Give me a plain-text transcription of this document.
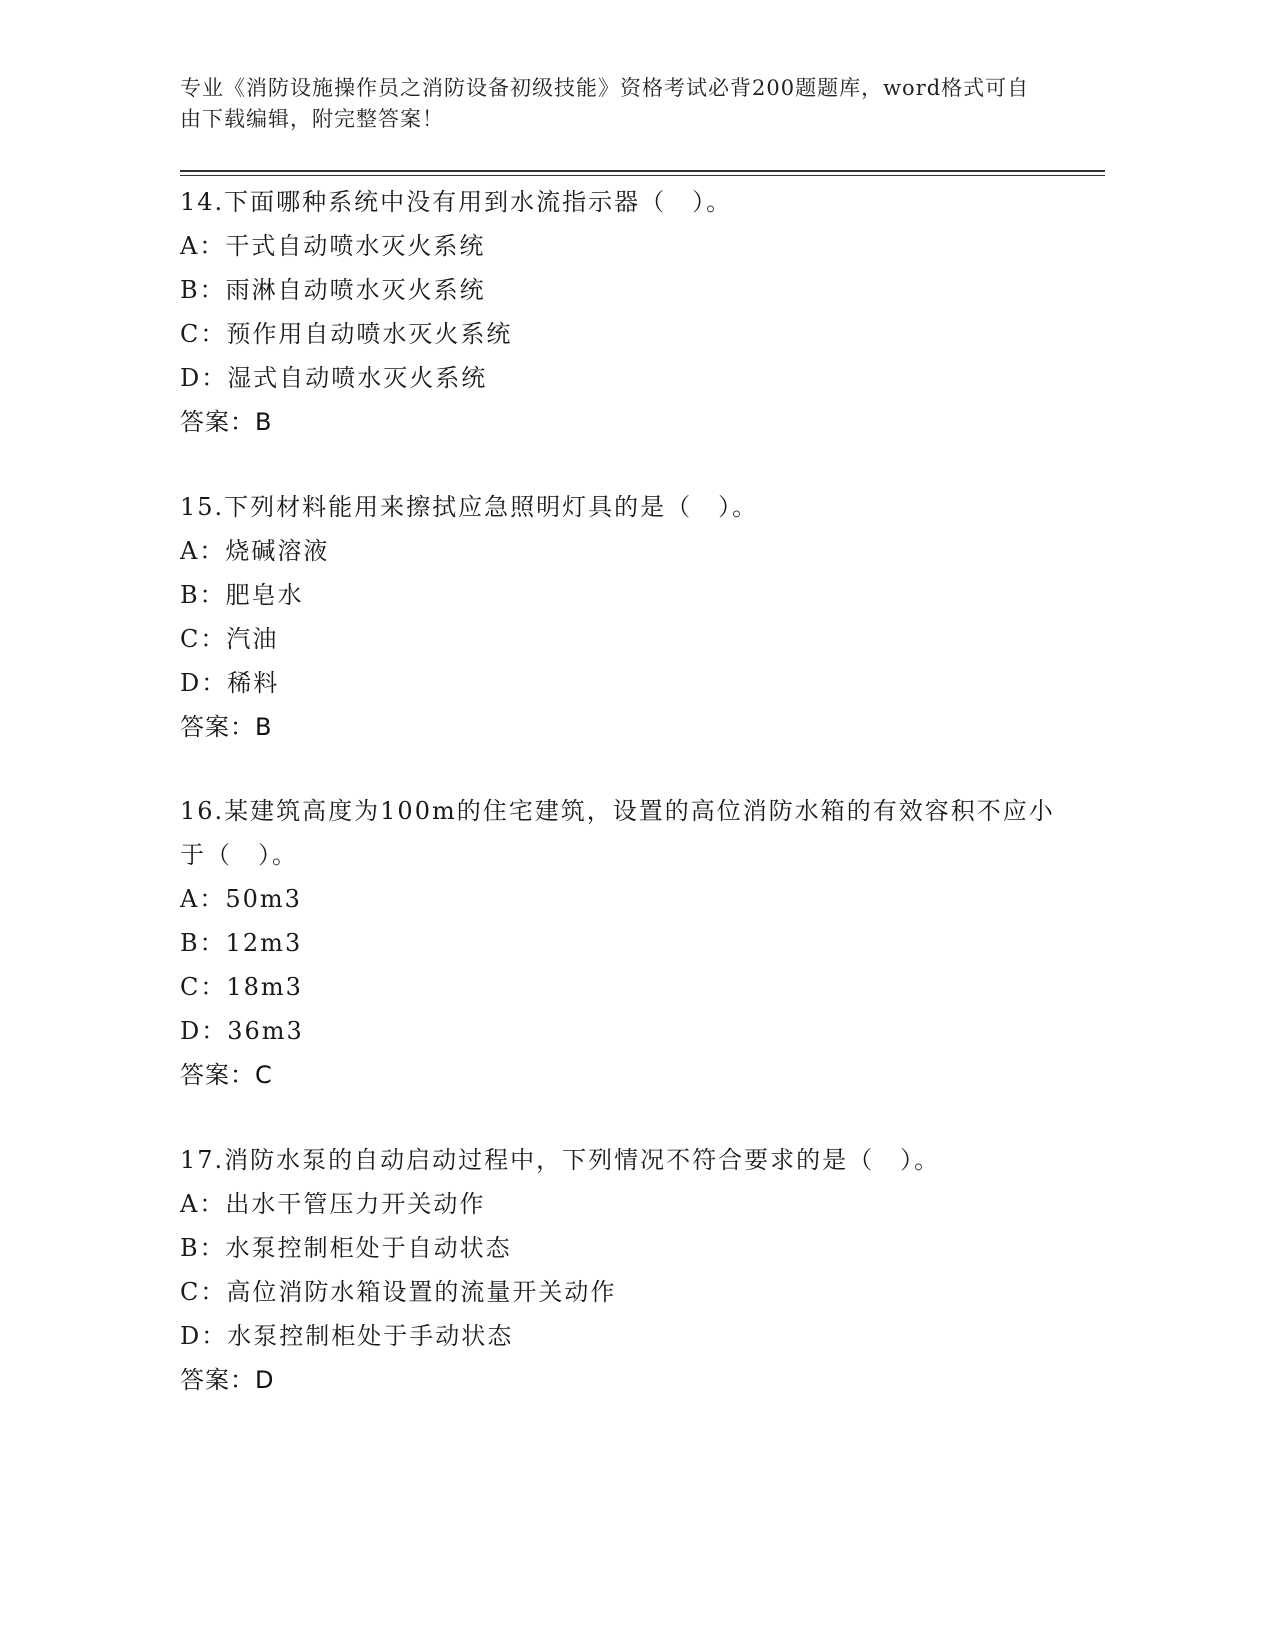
专业《消防设施操作员之消防设备初级技能》资格考试必背200题题库，word格式可自由下载编辑，附完整答案！

14.下面哪种系统中没有用到水流指示器（　）。

A：干式自动喷水灭火系统

B：雨淋自动喷水灭火系统

C：预作用自动喷水灭火系统

D：湿式自动喷水灭火系统

答案：B

15.下列材料能用来擦拭应急照明灯具的是（　）。

A：烧碱溶液

B：肥皂水

C：汽油

D：稀料

答案：B

16.某建筑高度为100m的住宅建筑，设置的高位消防水箱的有效容积不应小于（　）。

A：50m3

B：12m3

C：18m3

D：36m3

答案：C

17.消防水泵的自动启动过程中，下列情况不符合要求的是（　）。

A：出水干管压力开关动作

B：水泵控制柜处于自动状态

C：高位消防水箱设置的流量开关动作

D：水泵控制柜处于手动状态

答案：D
